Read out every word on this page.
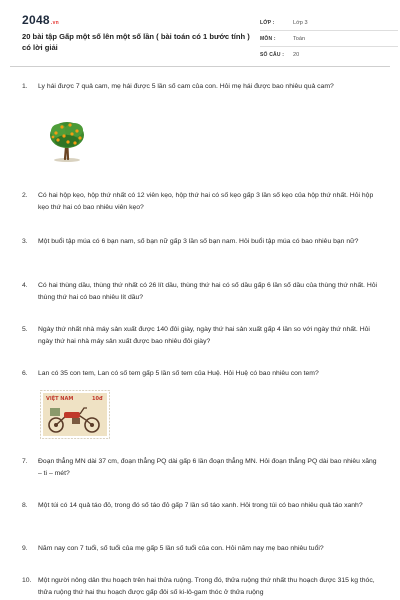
2048.vn
20 bài tập Gấp một số lên một số lần ( bài toán có 1 bước tính ) có lời giải
LỚP :	Lớp 3
MÔN :	Toán
SỐ CÂU :	20
1. Ly hái được 7 quả cam, mẹ hái được 5 lần số cam của con. Hỏi mẹ hái được bao nhiêu quả cam?
2. Có hai hộp kẹo, hộp thứ nhất có 12 viên kẹo, hộp thứ hai có số kẹo gấp 3 lần số kẹo của hộp thứ nhất. Hỏi hộp kẹo thứ hai có bao nhiêu viên kẹo?
3. Một buổi tập múa có 6 bạn nam, số bạn nữ gấp 3 lần số bạn nam. Hỏi buổi tập múa có bao nhiêu bạn nữ?
4. Có hai thùng dầu, thùng thứ nhất có 26 lít dầu, thùng thứ hai có số dầu gấp 6 lần số dầu của thùng thứ nhất. Hỏi thùng thứ hai có bao nhiêu lít dầu?
5. Ngày thứ nhất nhà máy sản xuất được 140 đôi giày, ngày thứ hai sản xuất gấp 4 lần so với ngày thứ nhất. Hỏi ngày thứ hai nhà máy sản xuất được bao nhiêu đôi giày?
6. Lan có 35 con tem, Lan có số tem gấp 5 lần số tem của Huệ. Hỏi Huệ có bao nhiêu con tem?
7. Đoạn thẳng MN dài 37 cm, đoạn thẳng PQ dài gấp 6 lần đoạn thẳng MN. Hỏi đoạn thẳng PQ dài bao nhiêu xăng – ti – mét?
8. Một túi có 14 quả táo đỏ, trong đó số táo đỏ gấp 7 lần số táo xanh. Hỏi trong túi có bao nhiêu quả táo xanh?
9. Năm nay con 7 tuổi, số tuổi của mẹ gấp 5 lần số tuổi của con. Hỏi năm nay mẹ bao nhiêu tuổi?
10. Một người nông dân thu hoạch trên hai thửa ruộng. Trong đó, thửa ruộng thứ nhất thu hoạch được 315 kg thóc, thửa ruộng thứ hai thu hoạch được gấp đôi số ki-lô-gam thóc ở thửa ruộng
VIỆT NAM	10đ
